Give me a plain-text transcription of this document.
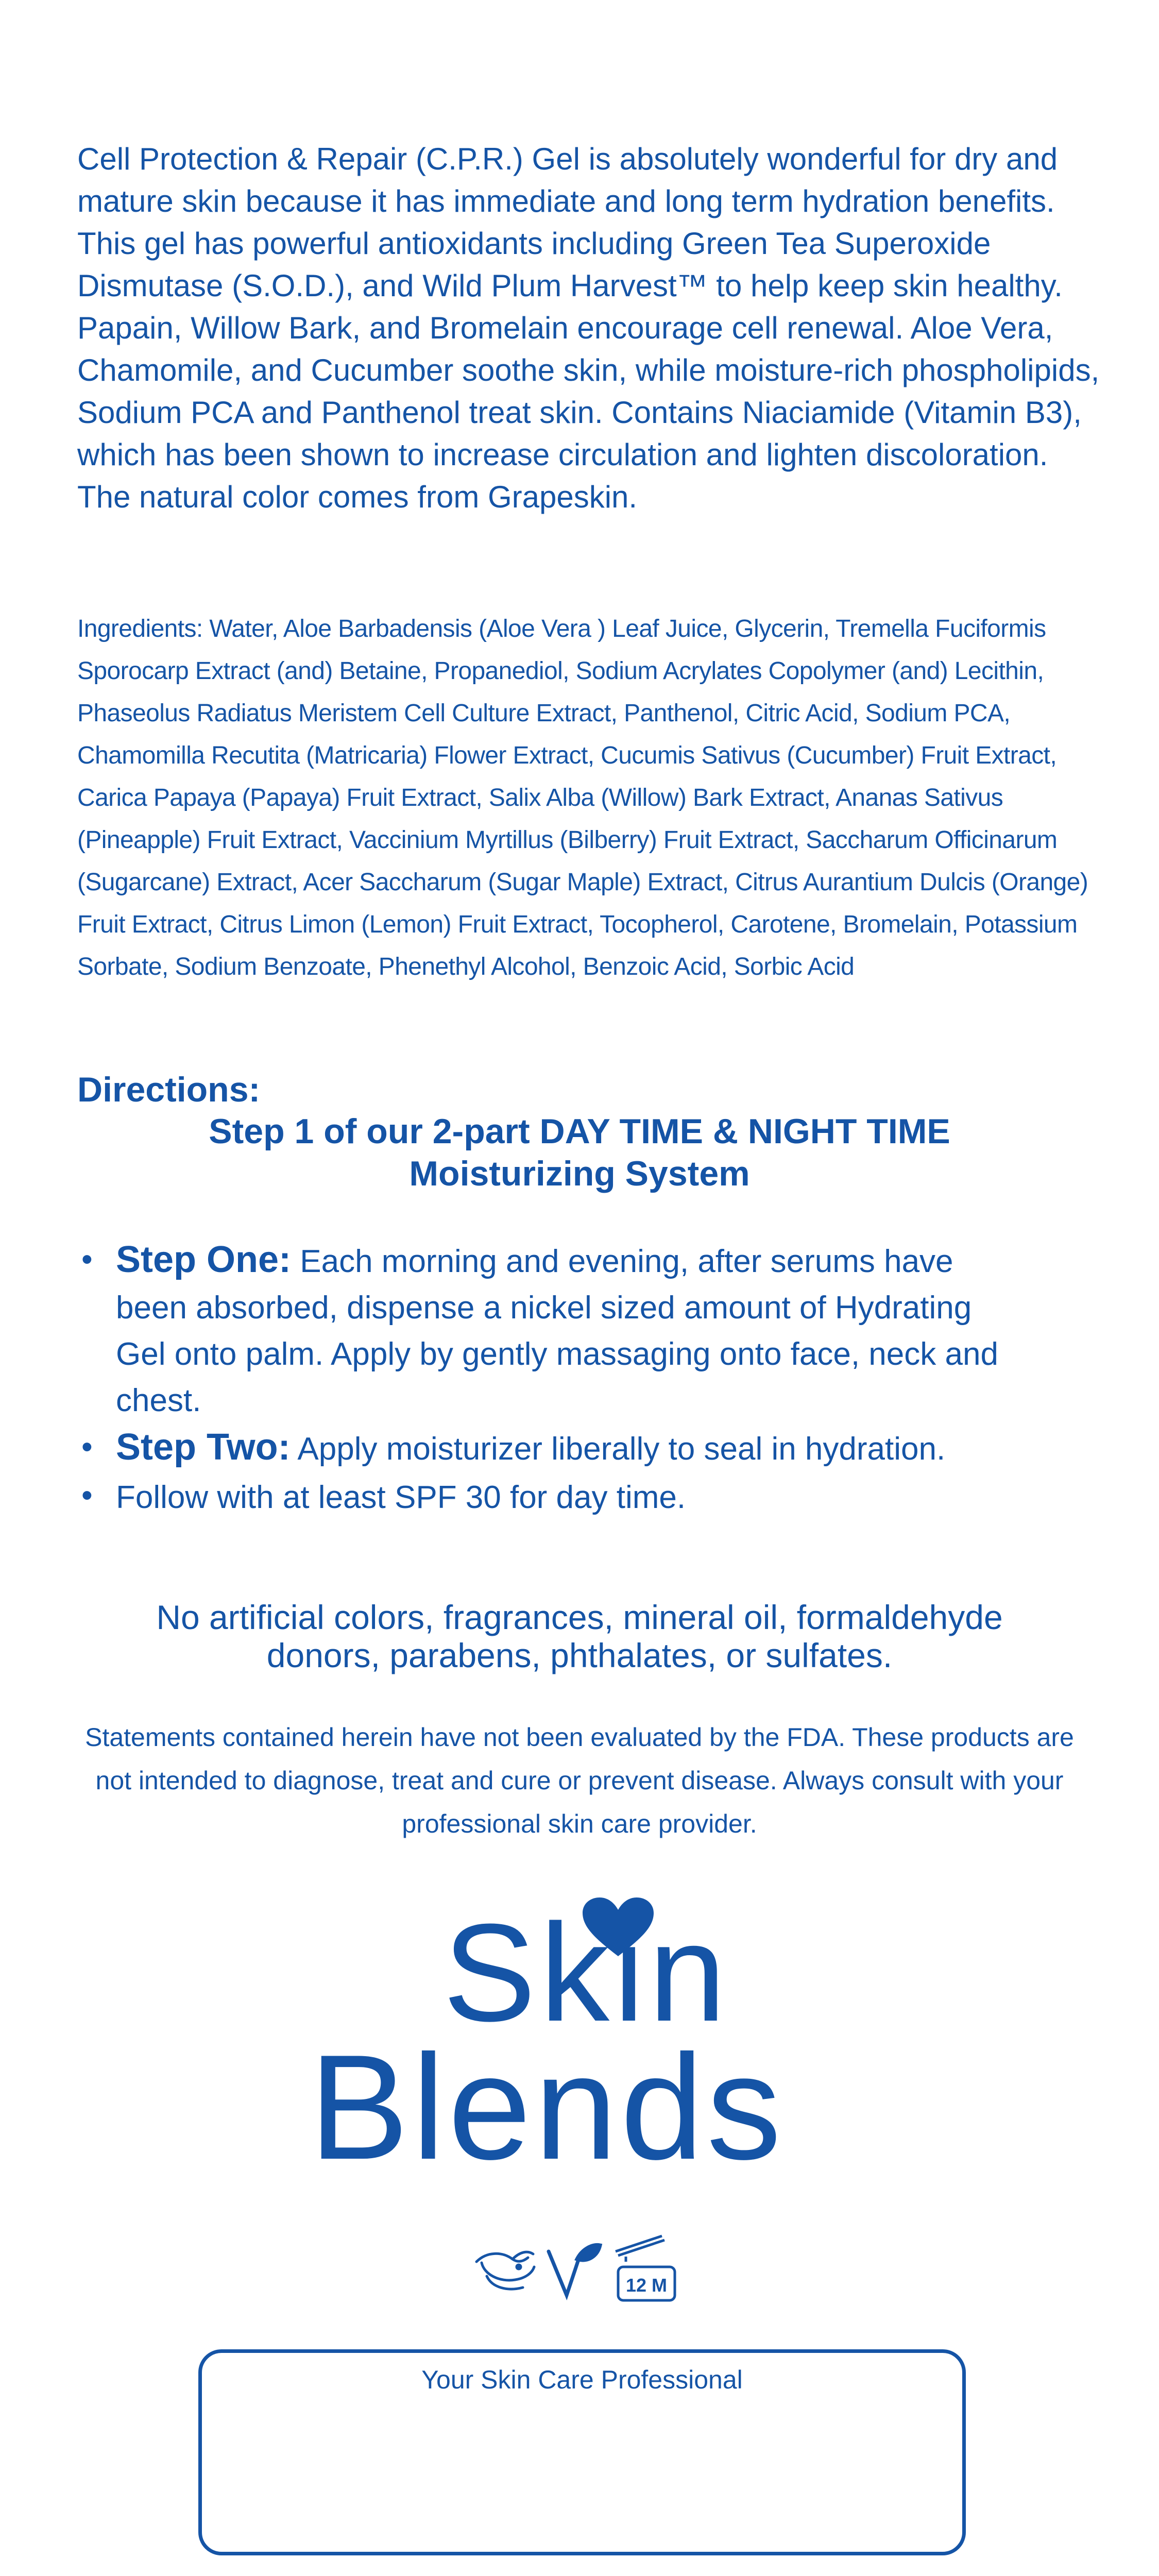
Cell Protection & Repair (C.P.R.) Gel is absolutely wonderful for dry and mature skin because it has immediate and long term hydration benefits. This gel has powerful antioxidants including Green Tea Superoxide Dismutase (S.O.D.), and Wild Plum Harvest™ to help keep skin healthy. Papain, Willow Bark, and Bromelain encourage cell renewal. Aloe Vera, Chamomile, and Cucumber soothe skin, while moisture-rich phospholipids, Sodium PCA and Panthenol treat skin. Contains Niaciamide (Vitamin B3), which has been shown to increase circulation and lighten discoloration. The natural color comes from Grapeskin.

Ingredients: Water, Aloe Barbadensis (Aloe Vera ) Leaf Juice, Glycerin, Tremella Fuciformis Sporocarp Extract (and) Betaine, Propanediol, Sodium Acrylates Copolymer (and) Lecithin, Phaseolus Radiatus Meristem Cell Culture Extract, Panthenol, Citric Acid, Sodium PCA, Chamomilla Recutita (Matricaria) Flower Extract, Cucumis Sativus (Cucumber) Fruit Extract, Carica Papaya (Papaya) Fruit Extract, Salix Alba (Willow) Bark Extract, Ananas Sativus (Pineapple) Fruit Extract, Vaccinium Myrtillus (Bilberry) Fruit Extract, Saccharum Officinarum (Sugarcane) Extract, Acer Saccharum (Sugar Maple) Extract, Citrus Aurantium Dulcis (Orange) Fruit Extract, Citrus Limon (Lemon) Fruit Extract, Tocopherol, Carotene, Bromelain, Potassium Sorbate, Sodium Benzoate, Phenethyl Alcohol, Benzoic Acid, Sorbic Acid

Directions:
Step 1 of our 2-part DAY TIME & NIGHT TIME
Moisturizing System
• Step One: Each morning and evening, after serums have been absorbed, dispense a nickel sized amount of Hydrating Gel onto palm. Apply by gently massaging onto face, neck and chest.
• Step Two: Apply moisturizer liberally to seal in hydration.
• Follow with at least SPF 30 for day time.

No artificial colors, fragrances, mineral oil, formaldehyde
donors, parabens, phthalates, or sulfates.

Statements contained herein have not been evaluated by the FDA. These products are not intended to diagnose, treat and cure or prevent disease. Always consult with your professional skin care provider.

Skin
Blends
12 M
Your Skin Care Professional
